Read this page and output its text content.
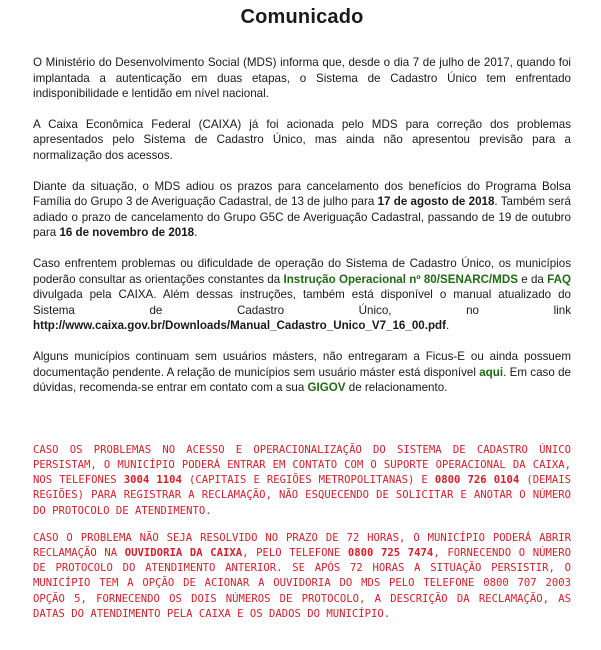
Comunicado

O Ministério do Desenvolvimento Social (MDS) informa que, desde o dia 7 de julho de 2017, quando foi implantada a autenticação em duas etapas, o Sistema de Cadastro Único tem enfrentado indisponibilidade e lentidão em nível nacional.

A Caixa Econômica Federal (CAIXA) já foi acionada pelo MDS para correção dos problemas apresentados pelo Sistema de Cadastro Único, mas ainda não apresentou previsão para a normalização dos acessos.

Diante da situação, o MDS adiou os prazos para cancelamento dos benefícios do Programa Bolsa Família do Grupo 3 de Averiguação Cadastral, de 13 de julho para 17 de agosto de 2018. Também será adiado o prazo de cancelamento do Grupo G5C de Averiguação Cadastral, passando de 19 de outubro para 16 de novembro de 2018.

Caso enfrentem problemas ou dificuldade de operação do Sistema de Cadastro Único, os municípios poderão consultar as orientações constantes da Instrução Operacional nº 80/SENARC/MDS e da FAQ divulgada pela CAIXA. Além dessas instruções, também está disponível o manual atualizado do Sistema de Cadastro Único, no link http://www.caixa.gov.br/Downloads/Manual_Cadastro_Unico_V7_16_00.pdf.

Alguns municípios continuam sem usuários másters, não entregaram a Ficus-E ou ainda possuem documentação pendente. A relação de municípios sem usuário máster está disponível aqui. Em caso de dúvidas, recomenda-se entrar em contato com a sua GIGOV de relacionamento.

CASO OS PROBLEMAS NO ACESSO E OPERACIONALIZAÇÃO DO SISTEMA DE CADASTRO ÚNICO PERSISTAM, O MUNICÍPIO PODERÁ ENTRAR EM CONTATO COM O SUPORTE OPERACIONAL DA CAIXA, NOS TELEFONES 3004 1104 (CAPITAIS E REGIÕES METROPOLITANAS) E 0800 726 0104 (DEMAIS REGIÕES) PARA REGISTRAR A RECLAMAÇÃO, NÃO ESQUECENDO DE SOLICITAR E ANOTAR O NÚMERO DO PROTOCOLO DE ATENDIMENTO.

CASO O PROBLEMA NÃO SEJA RESOLVIDO NO PRAZO DE 72 HORAS, O MUNICÍPIO PODERÁ ABRIR RECLAMAÇÃO NA OUVIDORIA DA CAIXA, PELO TELEFONE 0800 725 7474, FORNECENDO O NÚMERO DE PROTOCOLO DO ATENDIMENTO ANTERIOR. SE APÓS 72 HORAS A SITUAÇÃO PERSISTIR, O MUNICÍPIO TEM A OPÇÃO DE ACIONAR A OUVIDORIA DO MDS PELO TELEFONE 0800 707 2003 OPÇÃO 5, FORNECENDO OS DOIS NÚMEROS DE PROTOCOLO, A DESCRIÇÃO DA RECLAMAÇÃO, AS DATAS DO ATENDIMENTO PELA CAIXA E OS DADOS DO MUNICÍPIO.
